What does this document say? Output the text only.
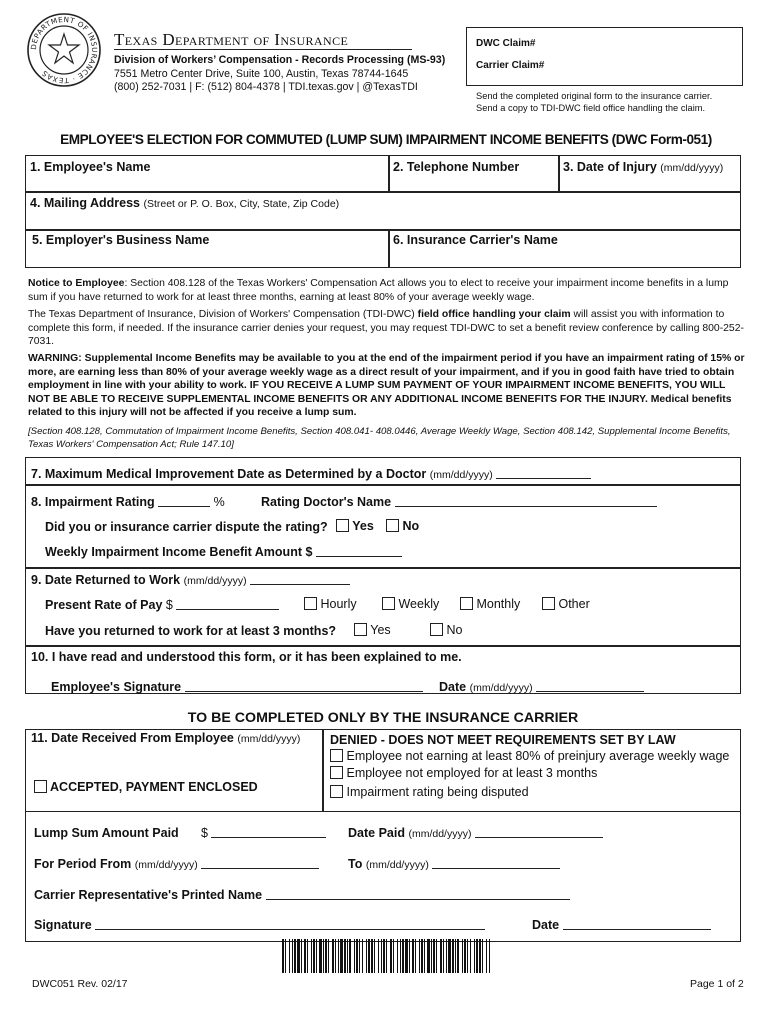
DEPARTMENT OF INSURANCE · TEXAS
Texas Department of Insurance
Division of Workers’ Compensation - Records Processing (MS-93)
7551 Metro Center Drive, Suite 100, Austin, Texas 78744-1645
(800) 252-7031 | F: (512) 804-4378 | TDI.texas.gov | @TexasTDI
DWC Claim#
Carrier Claim#
Send the completed original form to the insurance carrier.
Send a copy to TDI-DWC field office handling the claim.
EMPLOYEE'S ELECTION FOR COMMUTED (LUMP SUM) IMPAIRMENT INCOME BENEFITS (DWC Form-051)
1. Employee's Name	2. Telephone Number	3. Date of Injury (mm/dd/yyyy)
4. Mailing Address (Street or P. O. Box, City, State, Zip Code)
5. Employer's Business Name	6. Insurance Carrier's Name
Notice to Employee: Section 408.128 of the Texas Workers' Compensation Act allows you to elect to receive your impairment income benefits in a lump sum if you have returned to work for at least three months, earning at least 80% of your average weekly wage.
The Texas Department of Insurance, Division of Workers' Compensation (TDI-DWC) field office handling your claim will assist you with information to complete this form, if needed. If the insurance carrier denies your request, you may request TDI-DWC to set a benefit review conference by calling 800-252-7031.
WARNING: Supplemental Income Benefits may be available to you at the end of the impairment period if you have an impairment rating of 15% or more, are earning less than 80% of your average weekly wage as a direct result of your impairment, and if you in good faith have tried to obtain employment in line with your ability to work. IF YOU RECEIVE A LUMP SUM PAYMENT OF YOUR IMPAIRMENT INCOME BENEFITS, YOU WILL NOT BE ABLE TO RECEIVE SUPPLEMENTAL INCOME BENEFITS OR ANY ADDITIONAL INCOME BENEFITS FOR THE INJURY. Medical benefits related to this injury will not be affected if you receive a lump sum.
[Section 408.128, Commutation of Impairment Income Benefits, Section 408.041- 408.0446, Average Weekly Wage, Section 408.142, Supplemental Income Benefits, Texas Workers' Compensation Act; Rule 147.10]
7. Maximum Medical Improvement Date as Determined by a Doctor (mm/dd/yyyy)
8. Impairment Rating	%	Rating Doctor's Name
Did you or insurance carrier dispute the rating?	Yes	No
Weekly Impairment Income Benefit Amount $
9. Date Returned to Work (mm/dd/yyyy)
Present Rate of Pay $	Hourly	Weekly	Monthly	Other
Have you returned to work for at least 3 months?	Yes	No
10. I have read and understood this form, or it has been explained to me.
Employee's Signature	Date (mm/dd/yyyy)
TO BE COMPLETED ONLY BY THE INSURANCE CARRIER
11. Date Received From Employee (mm/dd/yyyy)
ACCEPTED, PAYMENT ENCLOSED
DENIED - DOES NOT MEET REQUIREMENTS SET BY LAW
Employee not earning at least 80% of preinjury average weekly wage
Employee not employed for at least 3 months
Impairment rating being disputed
Lump Sum Amount Paid $	Date Paid (mm/dd/yyyy)
For Period From (mm/dd/yyyy)	To (mm/dd/yyyy)
Carrier Representative's Printed Name
Signature	Date
DWC051 Rev. 02/17	Page 1 of 2
